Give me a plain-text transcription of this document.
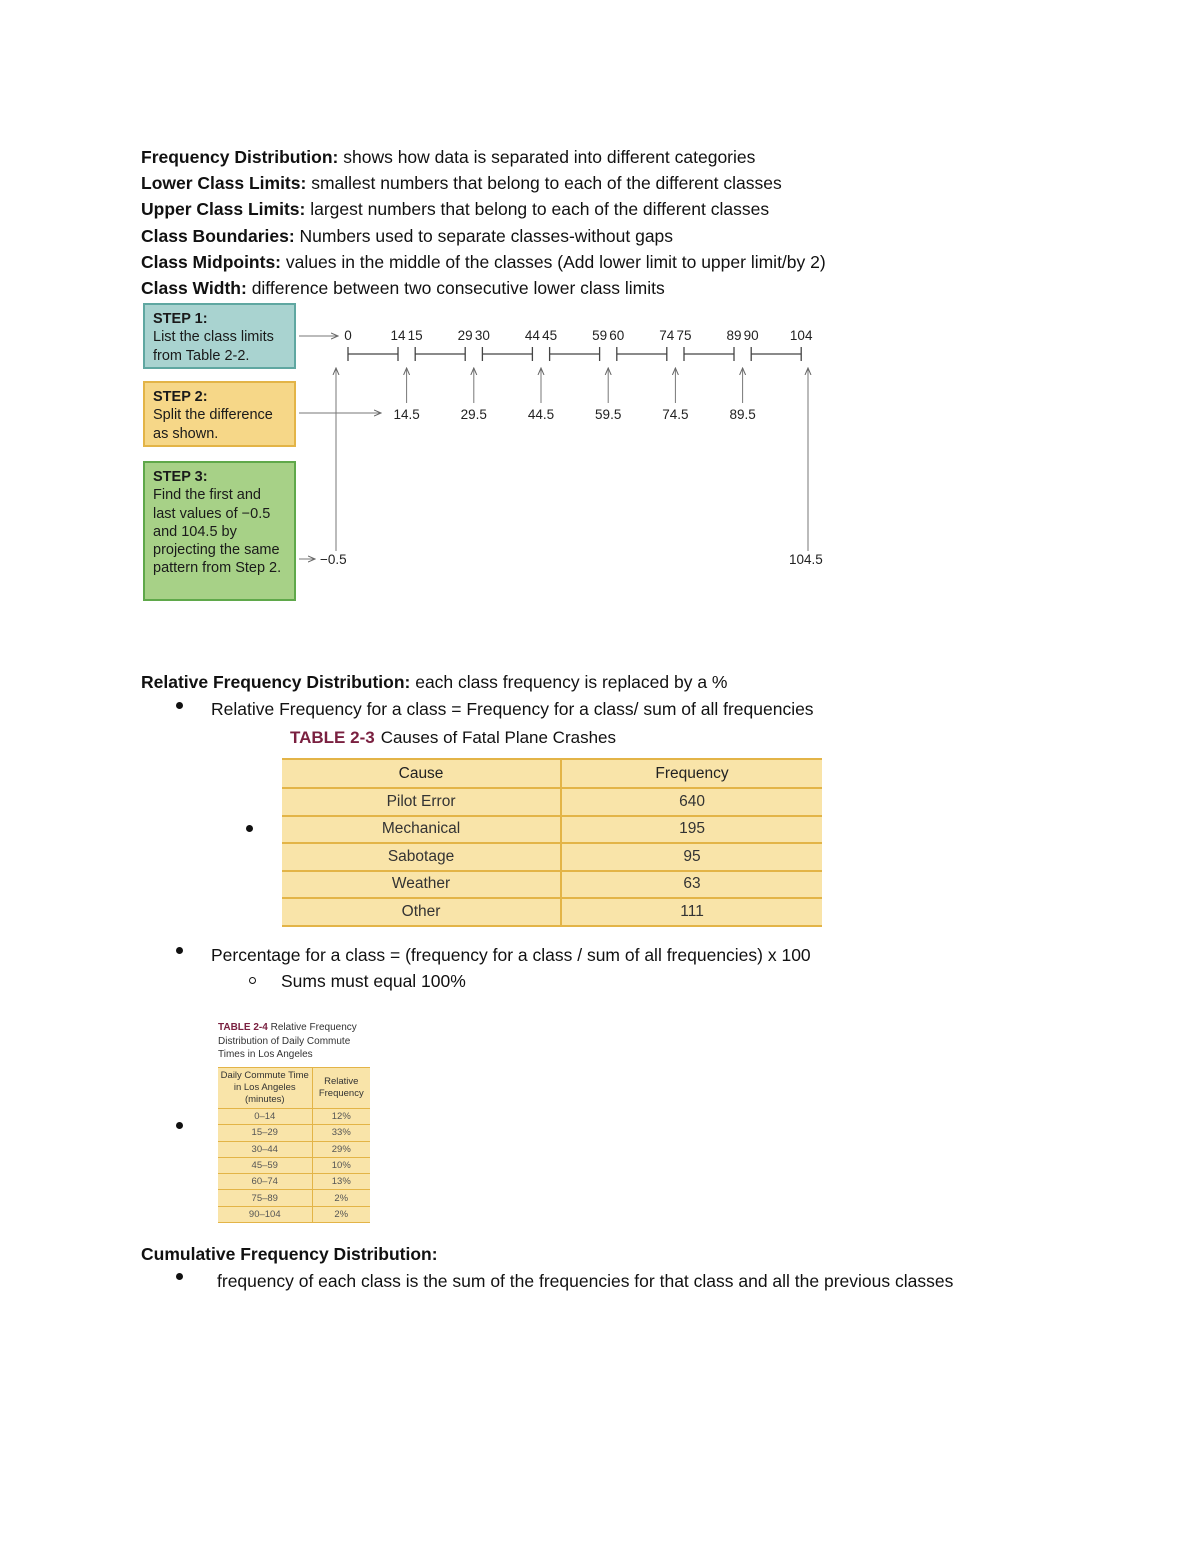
Frequency Distribution: shows how data is separated into different categories
Lower Class Limits: smallest numbers that belong to each of the different classes
Upper Class Limits: largest numbers that belong to each of the different classes
Class Boundaries: Numbers used to separate classes-without gaps
Class Midpoints: values in the middle of the classes (Add lower limit to upper limit/by 2)
Class Width: difference between two consecutive lower class limits
STEP 1:
List the class limits from Table 2-2.
STEP 2:
Split the difference as shown.
STEP 3:
Find the first and last values of −0.5 and 104.5 by projecting the same pattern from Step 2.
−0.5	104.5
0	14 15	29 30	44 45	59 60	74 75	89 90 104
14.5	29.5	44.5	59.5	74.5	89.5
Relative Frequency Distribution: each class frequency is replaced by a %
Relative Frequency for a class = Frequency for a class/ sum of all frequencies
TABLE 2-3 Causes of Fatal Plane Crashes
Cause	Frequency
Pilot Error	640
Mechanical	195
Sabotage	95
Weather	63
Other	111
Percentage for a class = (frequency for a class / sum of all frequencies) x 100
Sums must equal 100%
TABLE 2-4 Relative Frequency Distribution of Daily Commute Times in Los Angeles
Daily Commute Time in Los Angeles (minutes)	Relative Frequency
0–14	12%
15–29	33%
30–44	29%
45–59	10%
60–74	13%
75–89	2%
90–104	2%
Cumulative Frequency Distribution:
frequency of each class is the sum of the frequencies for that class and all the previous classes
